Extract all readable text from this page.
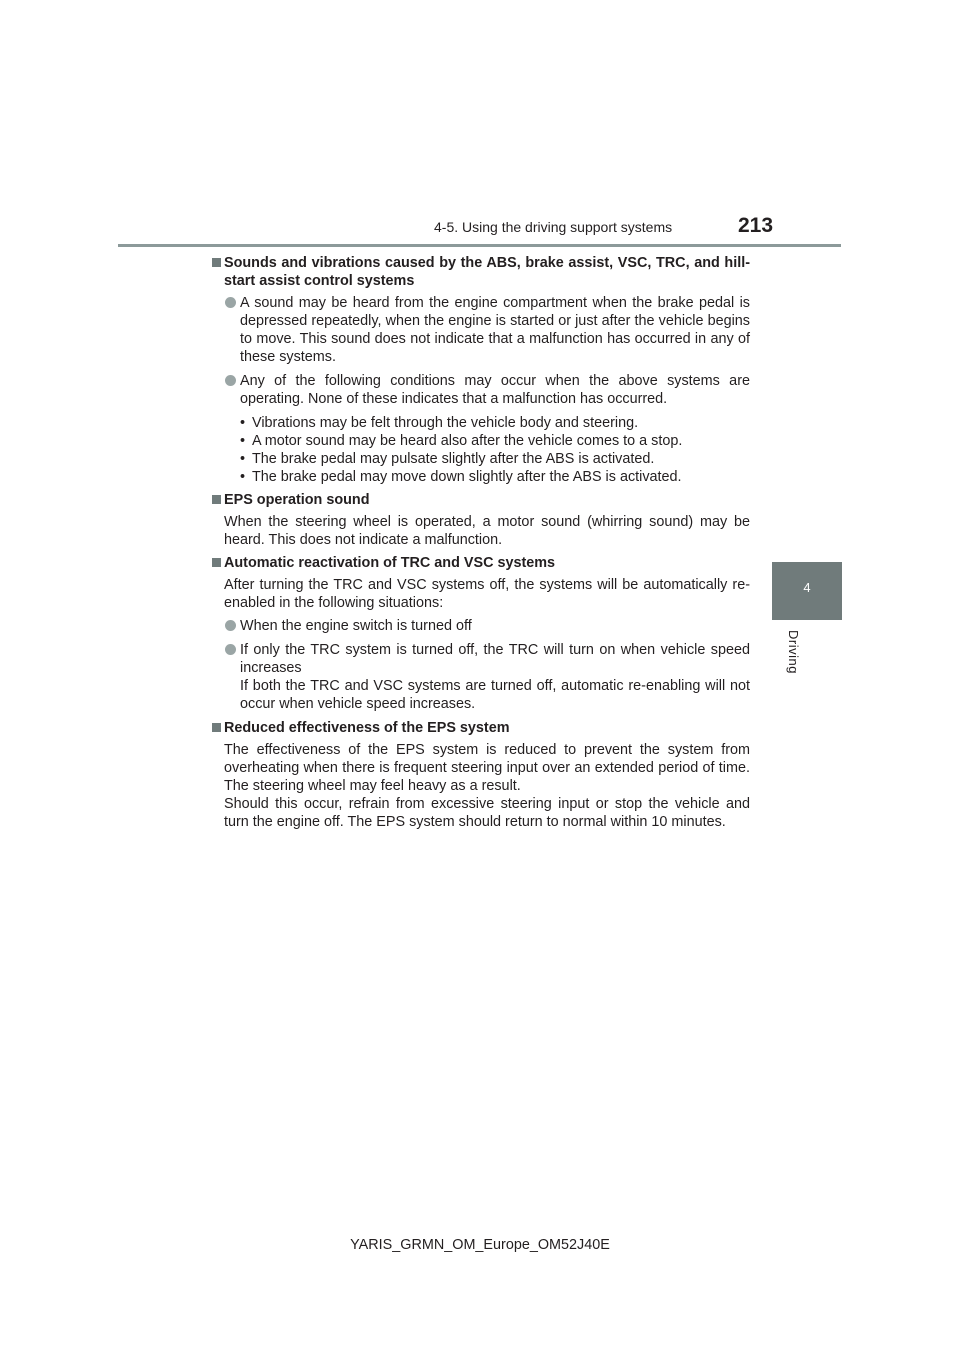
4-5. Using the driving support systems	213
4
Driving
Sounds and vibrations caused by the ABS, brake assist, VSC, TRC, and hill-start assist control systems
A sound may be heard from the engine compartment when the brake pedal is depressed repeatedly, when the engine is started or just after the vehicle begins to move. This sound does not indicate that a malfunction has occurred in any of these systems.
Any of the following conditions may occur when the above systems are operating. None of these indicates that a malfunction has occurred.
• Vibrations may be felt through the vehicle body and steering.
• A motor sound may be heard also after the vehicle comes to a stop.
• The brake pedal may pulsate slightly after the ABS is activated.
• The brake pedal may move down slightly after the ABS is activated.
EPS operation sound
When the steering wheel is operated, a motor sound (whirring sound) may be heard. This does not indicate a malfunction.
Automatic reactivation of TRC and VSC systems
After turning the TRC and VSC systems off, the systems will be automatically re-enabled in the following situations:
When the engine switch is turned off
If only the TRC system is turned off, the TRC will turn on when vehicle speed increases
If both the TRC and VSC systems are turned off, automatic re-enabling will not occur when vehicle speed increases.
Reduced effectiveness of the EPS system
The effectiveness of the EPS system is reduced to prevent the system from overheating when there is frequent steering input over an extended period of time. The steering wheel may feel heavy as a result.
Should this occur, refrain from excessive steering input or stop the vehicle and turn the engine off. The EPS system should return to normal within 10 minutes.
YARIS_GRMN_OM_Europe_OM52J40E
